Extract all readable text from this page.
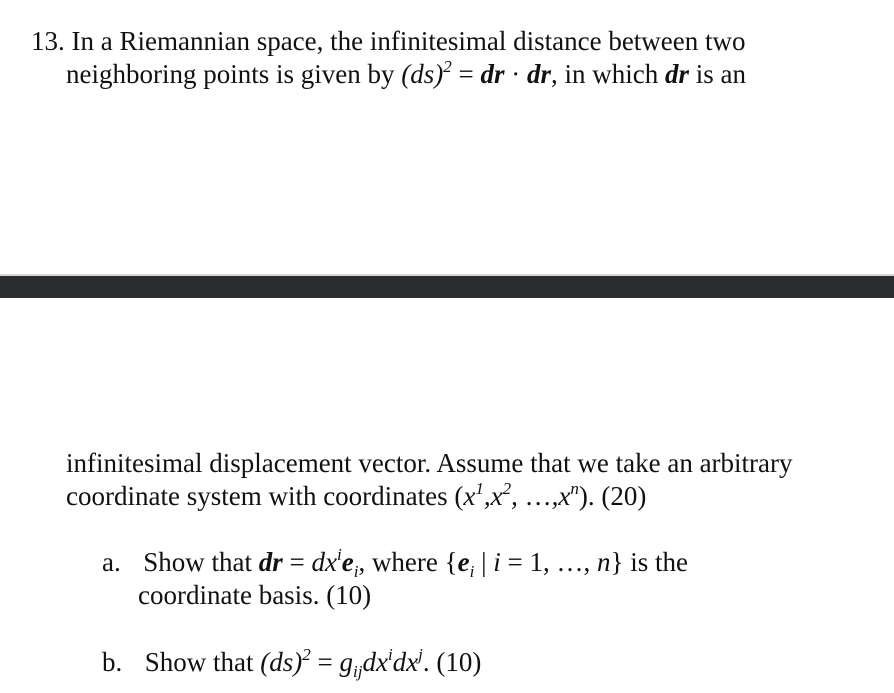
13. In a Riemannian space, the infinitesimal distance between two
neighboring points is given by (ds)$^2$ = dr · dr, in which dr is an
infinitesimal displacement vector. Assume that we take an arbitrary
coordinate system with coordinates ($x^1,x^2$, $\dots,x^n$). (20)
a. Show that dr = $dx^ie_i$, where {$e_i$ | i = 1, …, n} is the
coordinate basis. (10)
b. Show that $(ds)^2 = g_{ij}dx^idx^j$. (10)
